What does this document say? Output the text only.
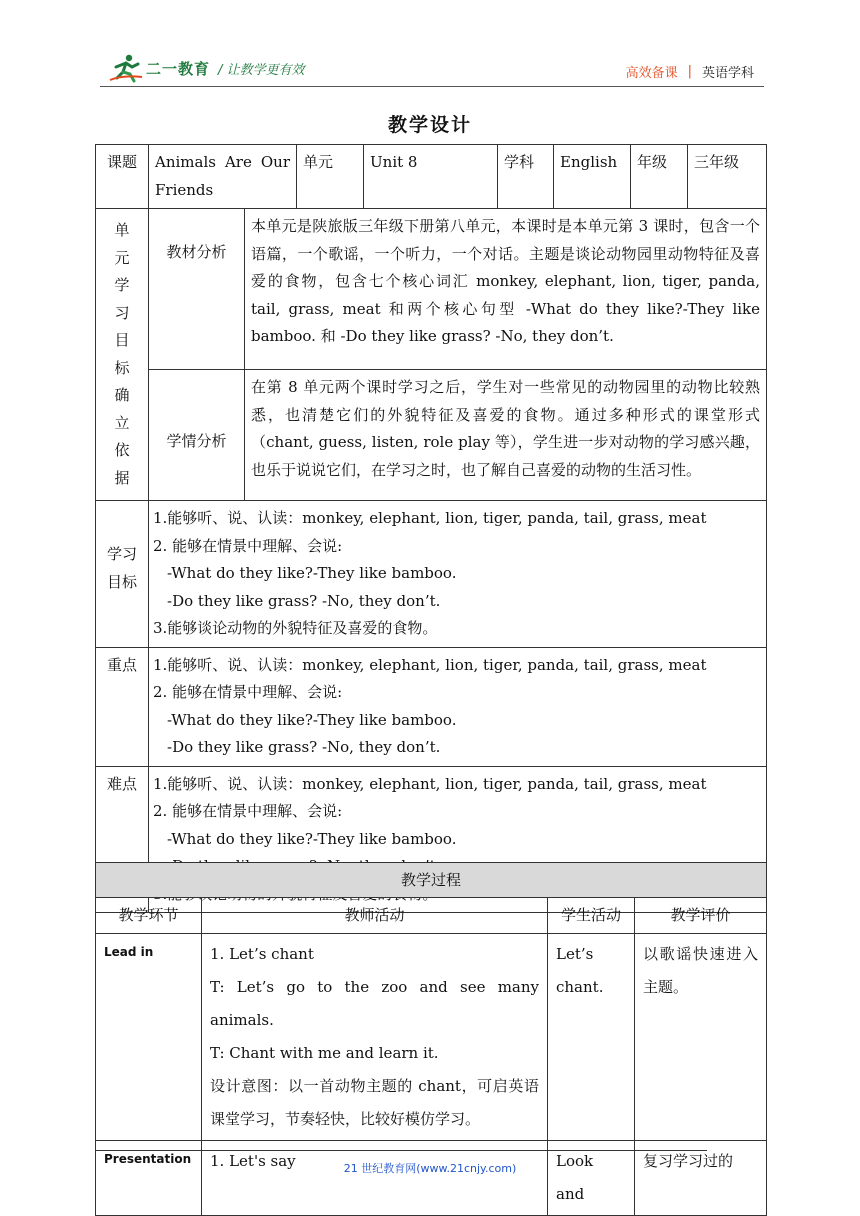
二一教育 / 让教学更有效	高效备课 | 英语学科
教学设计
课题	Animals Are Our Friends		单元	Unit 8	学科	English	年级	三年级
单元学习目标确立依据	教材分析	本单元是陕旅版三年级下册第八单元，本课时是本单元第 3 课时，包含一个语篇，一个歌谣，一个听力，一个对话。主题是谈论动物园里动物特征及喜爱的食物，包含七个核心词汇 monkey, elephant, lion, tiger, panda, tail, grass, meat 和两个核心句型 -What do they like?-They like bamboo. 和 -Do they like grass? -No, they don’t.						
	学情分析	在第 8 单元两个课时学习之后，学生对一些常见的动物园里的动物比较熟悉，也清楚它们的外貌特征及喜爱的食物。通过多种形式的课堂形式（chant, guess, listen, role play 等），学生进一步对动物的学习感兴趣，也乐于说说它们，在学习之时，也了解自己喜爱的动物的生活习性。						
学习目标	1.能够听、说、认读：monkey, elephant, lion, tiger, panda, tail, grass, meat
2. 能够在情景中理解、会说:
-What do they like?-They like bamboo.
-Do they like grass? -No, they don’t.
3.能够谈论动物的外貌特征及喜爱的食物。							

重点	1.能够听、说、认读：monkey, elephant, lion, tiger, panda, tail, grass, meat
2. 能够在情景中理解、会说:
-What do they like?-They like bamboo.
-Do they like grass? -No, they don’t.							

难点	1.能够听、说、认读：monkey, elephant, lion, tiger, panda, tail, grass, meat
2. 能够在情景中理解、会说:
-What do they like?-They like bamboo.							
教学过程			
教学环节	教师活动	学生活动	教学评价
Lead in	1. Let’s chant
T: Let’s go to the zoo and see many animals.
T: Chant with me and learn it.
设计意图：以一首动物主题的 chant，可启英语课堂学习，节奏轻快，比较好模仿学习。	Let’s chant.	以歌谣快速进入主题。
Presentation	1. Let's say	Look and	复习学习过的
21 世纪教育网(www.21cnjy.com)
